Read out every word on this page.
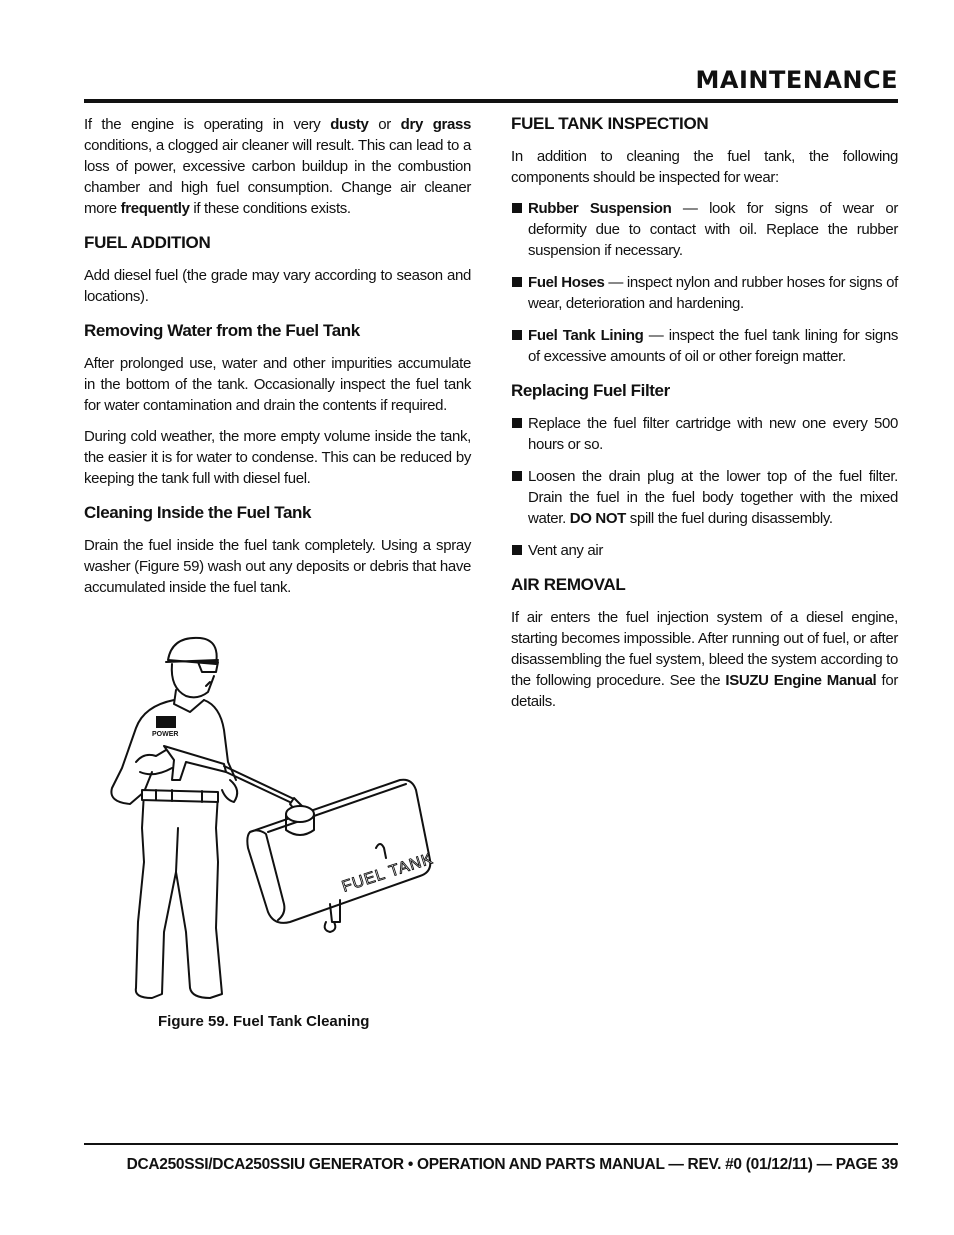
MAINTENANCE

If the engine is operating in very dusty or dry grass conditions, a clogged air cleaner will result. This can lead to a loss of power, excessive carbon buildup in the combustion chamber and high fuel consumption. Change air cleaner more frequently if these conditions exists.

FUEL ADDITION

Add diesel fuel (the grade may vary according to season and locations).

Removing Water from the Fuel Tank

After prolonged use, water and other impurities accumulate in the bottom of the tank. Occasionally inspect the fuel tank for water contamination and drain the contents if required.

During cold weather, the more empty volume inside the tank, the easier it is for water to condense. This can be reduced by keeping the tank full with diesel fuel.

Cleaning Inside the Fuel Tank

Drain the fuel inside the fuel tank completely. Using a spray washer (Figure 59) wash out any deposits or debris that have accumulated inside the fuel tank.

POWER
FUEL TANK
Figure 59. Fuel Tank Cleaning
FUEL TANK INSPECTION

In addition to cleaning the fuel tank, the following components should be inspected for wear:

Rubber Suspension — look for signs of wear or deformity due to contact with oil. Replace the rubber suspension if necessary.
Fuel Hoses — inspect nylon and rubber hoses for signs of wear, deterioration and hardening.
Fuel Tank Lining — inspect the fuel tank lining for signs of excessive amounts of oil or other foreign matter.
Replacing Fuel Filter
Replace the fuel filter cartridge with new one every 500 hours or so.
Loosen the drain plug at the lower top of the fuel filter. Drain the fuel in the fuel body together with the mixed water. DO NOT spill the fuel during disassembly.
Vent any air
AIR REMOVAL

If air enters the fuel injection system of a diesel engine, starting becomes impossible. After running out of fuel, or after disassembling the fuel system, bleed the system according to the following procedure. See the ISUZU Engine Manual for details.

DCA250SSI/DCA250SSIU GENERATOR • OPERATION AND PARTS MANUAL — REV. #0 (01/12/11) — PAGE 39
